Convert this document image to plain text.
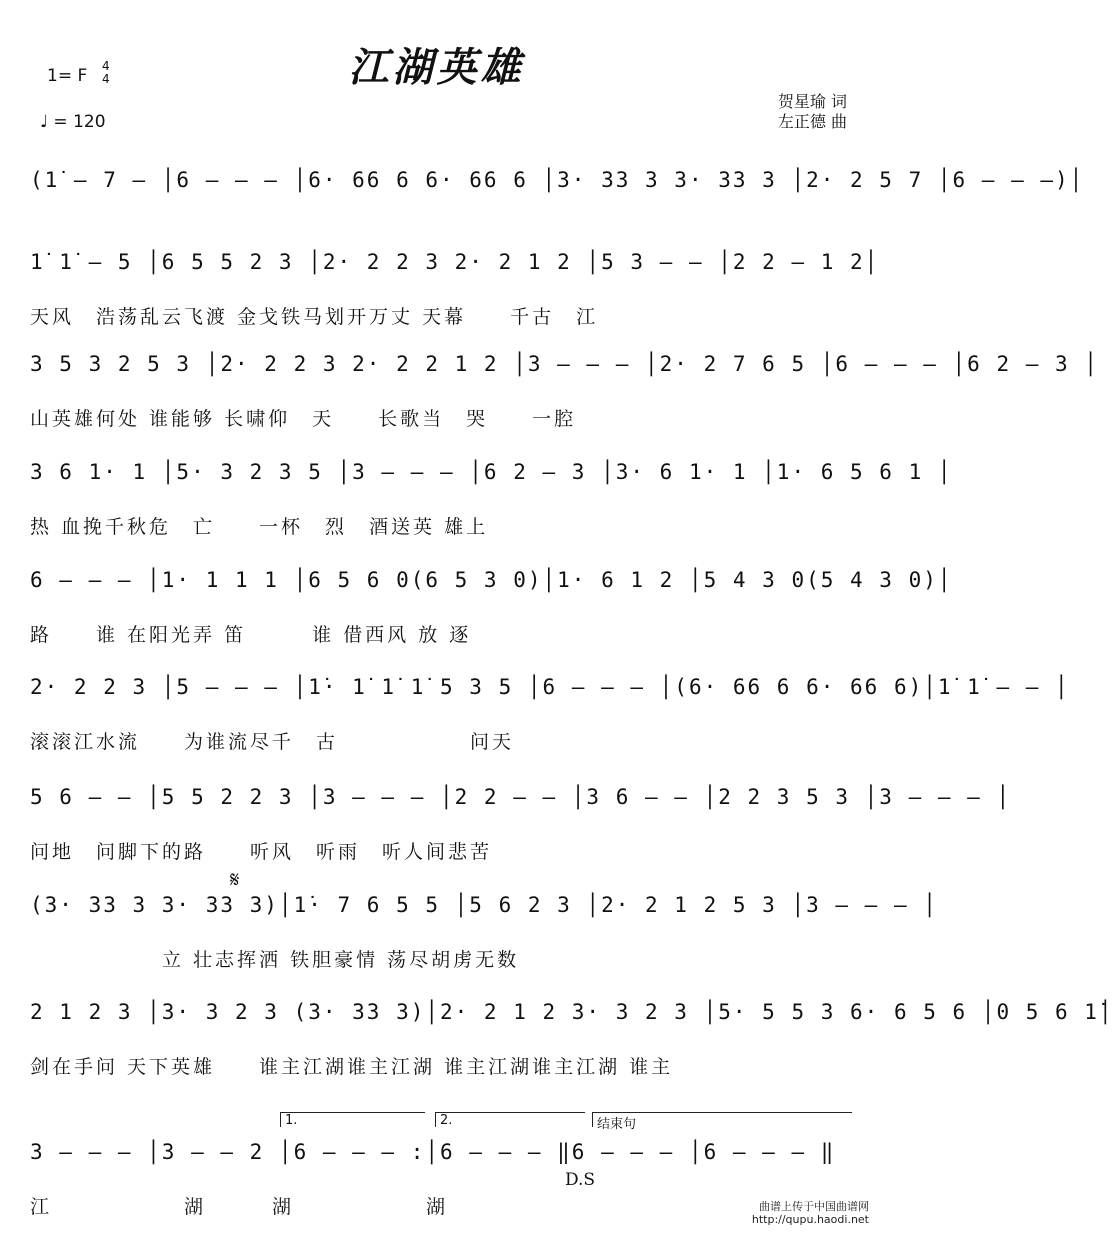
江湖英雄
1= F 4
4
♩ = 120
贺星瑜 词
左正德 曲
(1̇ – 7 – │6 – – – │6· 66 6 6· 66 6 │3· 33 3 3· 33 3 │2· 2 5 7 │6 – – –)│
1̇ 1̇ – 5 │6 5 5 2 3 │2· 2 2 3 2· 2 1 2 │5 3 – – │2 2 – 1 2│
天风　浩荡乱云飞渡 金戈铁马划开万丈 天幕　　千古　江
3 5 3 2 5 3 │2· 2 2 3 2· 2 2 1 2 │3 – – – │2· 2 7 6 5 │6 – – – │6 2 – 3 │
山英雄何处 谁能够 长啸仰　天　　长歌当　哭　　一腔
3 6 1· 1 │5· 3 2 3 5 │3 – – – │6 2 – 3 │3· 6 1· 1 │1· 6 5 6 1 │
热 血挽千秋危　亡　　一杯　烈　酒送英 雄上
6 – – – │1· 1 1 1 │6 5 6 0(6 5 3 0)│1· 6 1 2 │5 4 3 0(5 4 3 0)│
路　　谁 在阳光弄 笛　　　谁 借西风 放 逐
2· 2 2 3 │5 – – – │1̇· 1̇ 1̇ 1̇ 5 3 5 │6 – – – │(6· 66 6 6· 66 6)│1̇ 1̇ – – │
滚滚江水流　　为谁流尽千　古　　　　　　问天
5 6 – – │5 5 2 2 3 │3 – – – │2 2 – – │3 6 – – │2 2 3 5 3 │3 – – – │
问地　问脚下的路　　听风　听雨　听人间悲苦
(3· 33 3 3· 33 3)│1̇· 7 6 5 5 │5 6 2 3 │2· 2 1 2 5 3 │3 – – – │
　　　　　　立 壮志挥洒 铁胆豪情 荡尽胡虏无数
2 1 2 3 │3· 3 2 3 (3· 33 3)│2· 2 1 2 3· 3 2 3 │5· 5 5 3 6· 6 5 6 │0 5 6 1̇│
剑在手问 天下英雄　　谁主江湖谁主江湖 谁主江湖谁主江湖 谁主
3 – – – │3 – – 2 │6 – – – :│6 – – – ‖6 – – – │6 – – – ‖
江　　　　　　湖　　　湖　　　　　　湖
𝄋
1.	2.	结束句
D.S
曲谱上传于中国曲谱网
http://qupu.haodi.net
